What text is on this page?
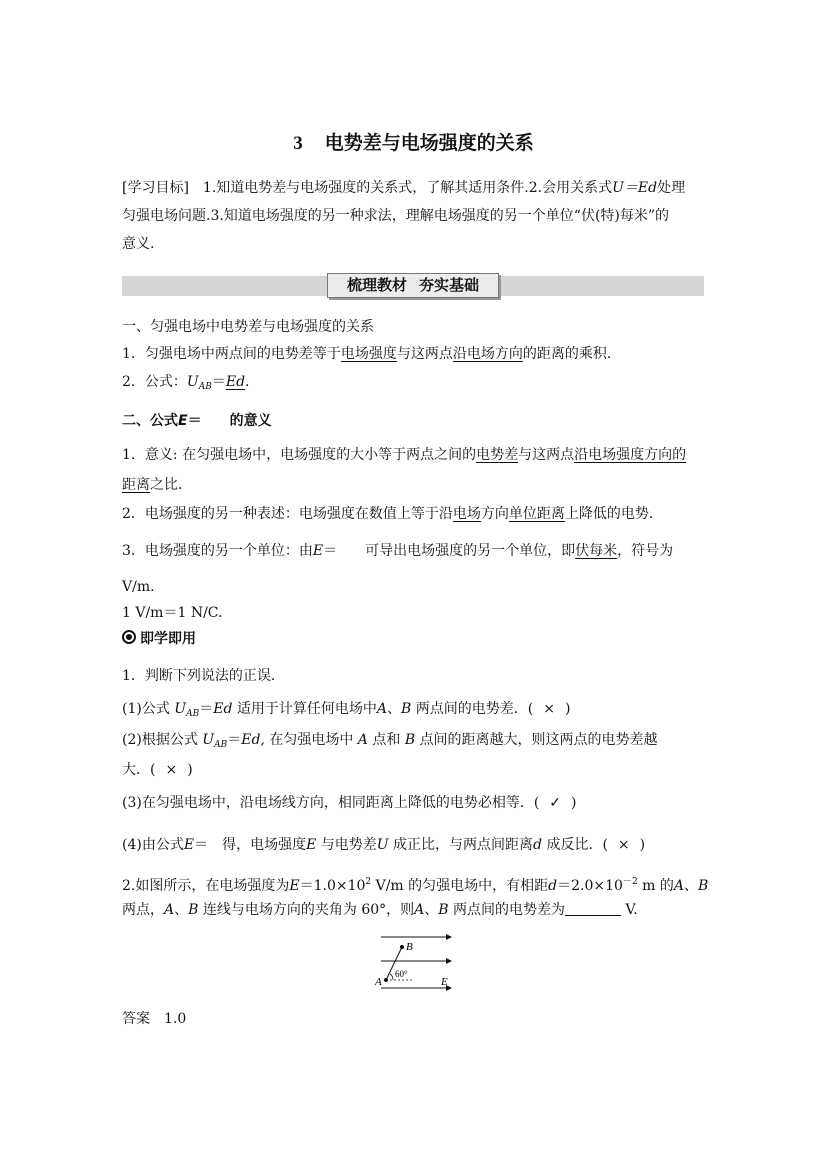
3 电势差与电场强度的关系
[学习目标]　1.知道电势差与电场强度的关系式，了解其适用条件.2.会用关系式U＝Ed处理
匀强电场问题.3.知道电场强度的另一种求法，理解电场强度的另一个单位“伏(特)每米”的
意义.
梳理教材 夯实基础
一、匀强电场中电势差与电场强度的关系
1．匀强电场中两点间的电势差等于电场强度与这两点沿电场方向的距离的乘积．
2．公式：$U_{AB}=Ed$.
二、公式E＝　　的意义
1．意义: 在匀强电场中，电场强度的大小等于两点之间的电势差与这两点沿电场强度方向的
距离之比．
2．电场强度的另一种表述：电场强度在数值上等于沿电场方向单位距离上降低的电势．
3．电场强度的另一个单位：由E＝　　可导出电场强度的另一个单位，即伏每米，符号为
V/m.
1 V/m＝1 N/C.
即学即用
1．判断下列说法的正误．
(1)公式 $U_{AB}=Ed$ 适用于计算任何电场中A、B 两点间的电势差．( × )
(2)根据公式 $U_{AB}=Ed$, 在匀强电场中 A 点和 B 点间的距离越大，则这两点的电势差越
大．( × )
(3)在匀强电场中，沿电场线方向，相同距离上降低的电势必相等．( ✓ )
(4)由公式E＝　得，电场强度E 与电势差U 成正比，与两点间距离d 成反比．( × )
2.如图所示，在电场强度为$E=1.0\times 10^2$ V/m 的匀强电场中，有相距$d=2.0\times 10^{-2}$ m 的A、B
两点，A、B 连线与电场方向的夹角为 60°，则A、B 两点间的电势差为	V.
A
B
60°
E
答案 1.0
